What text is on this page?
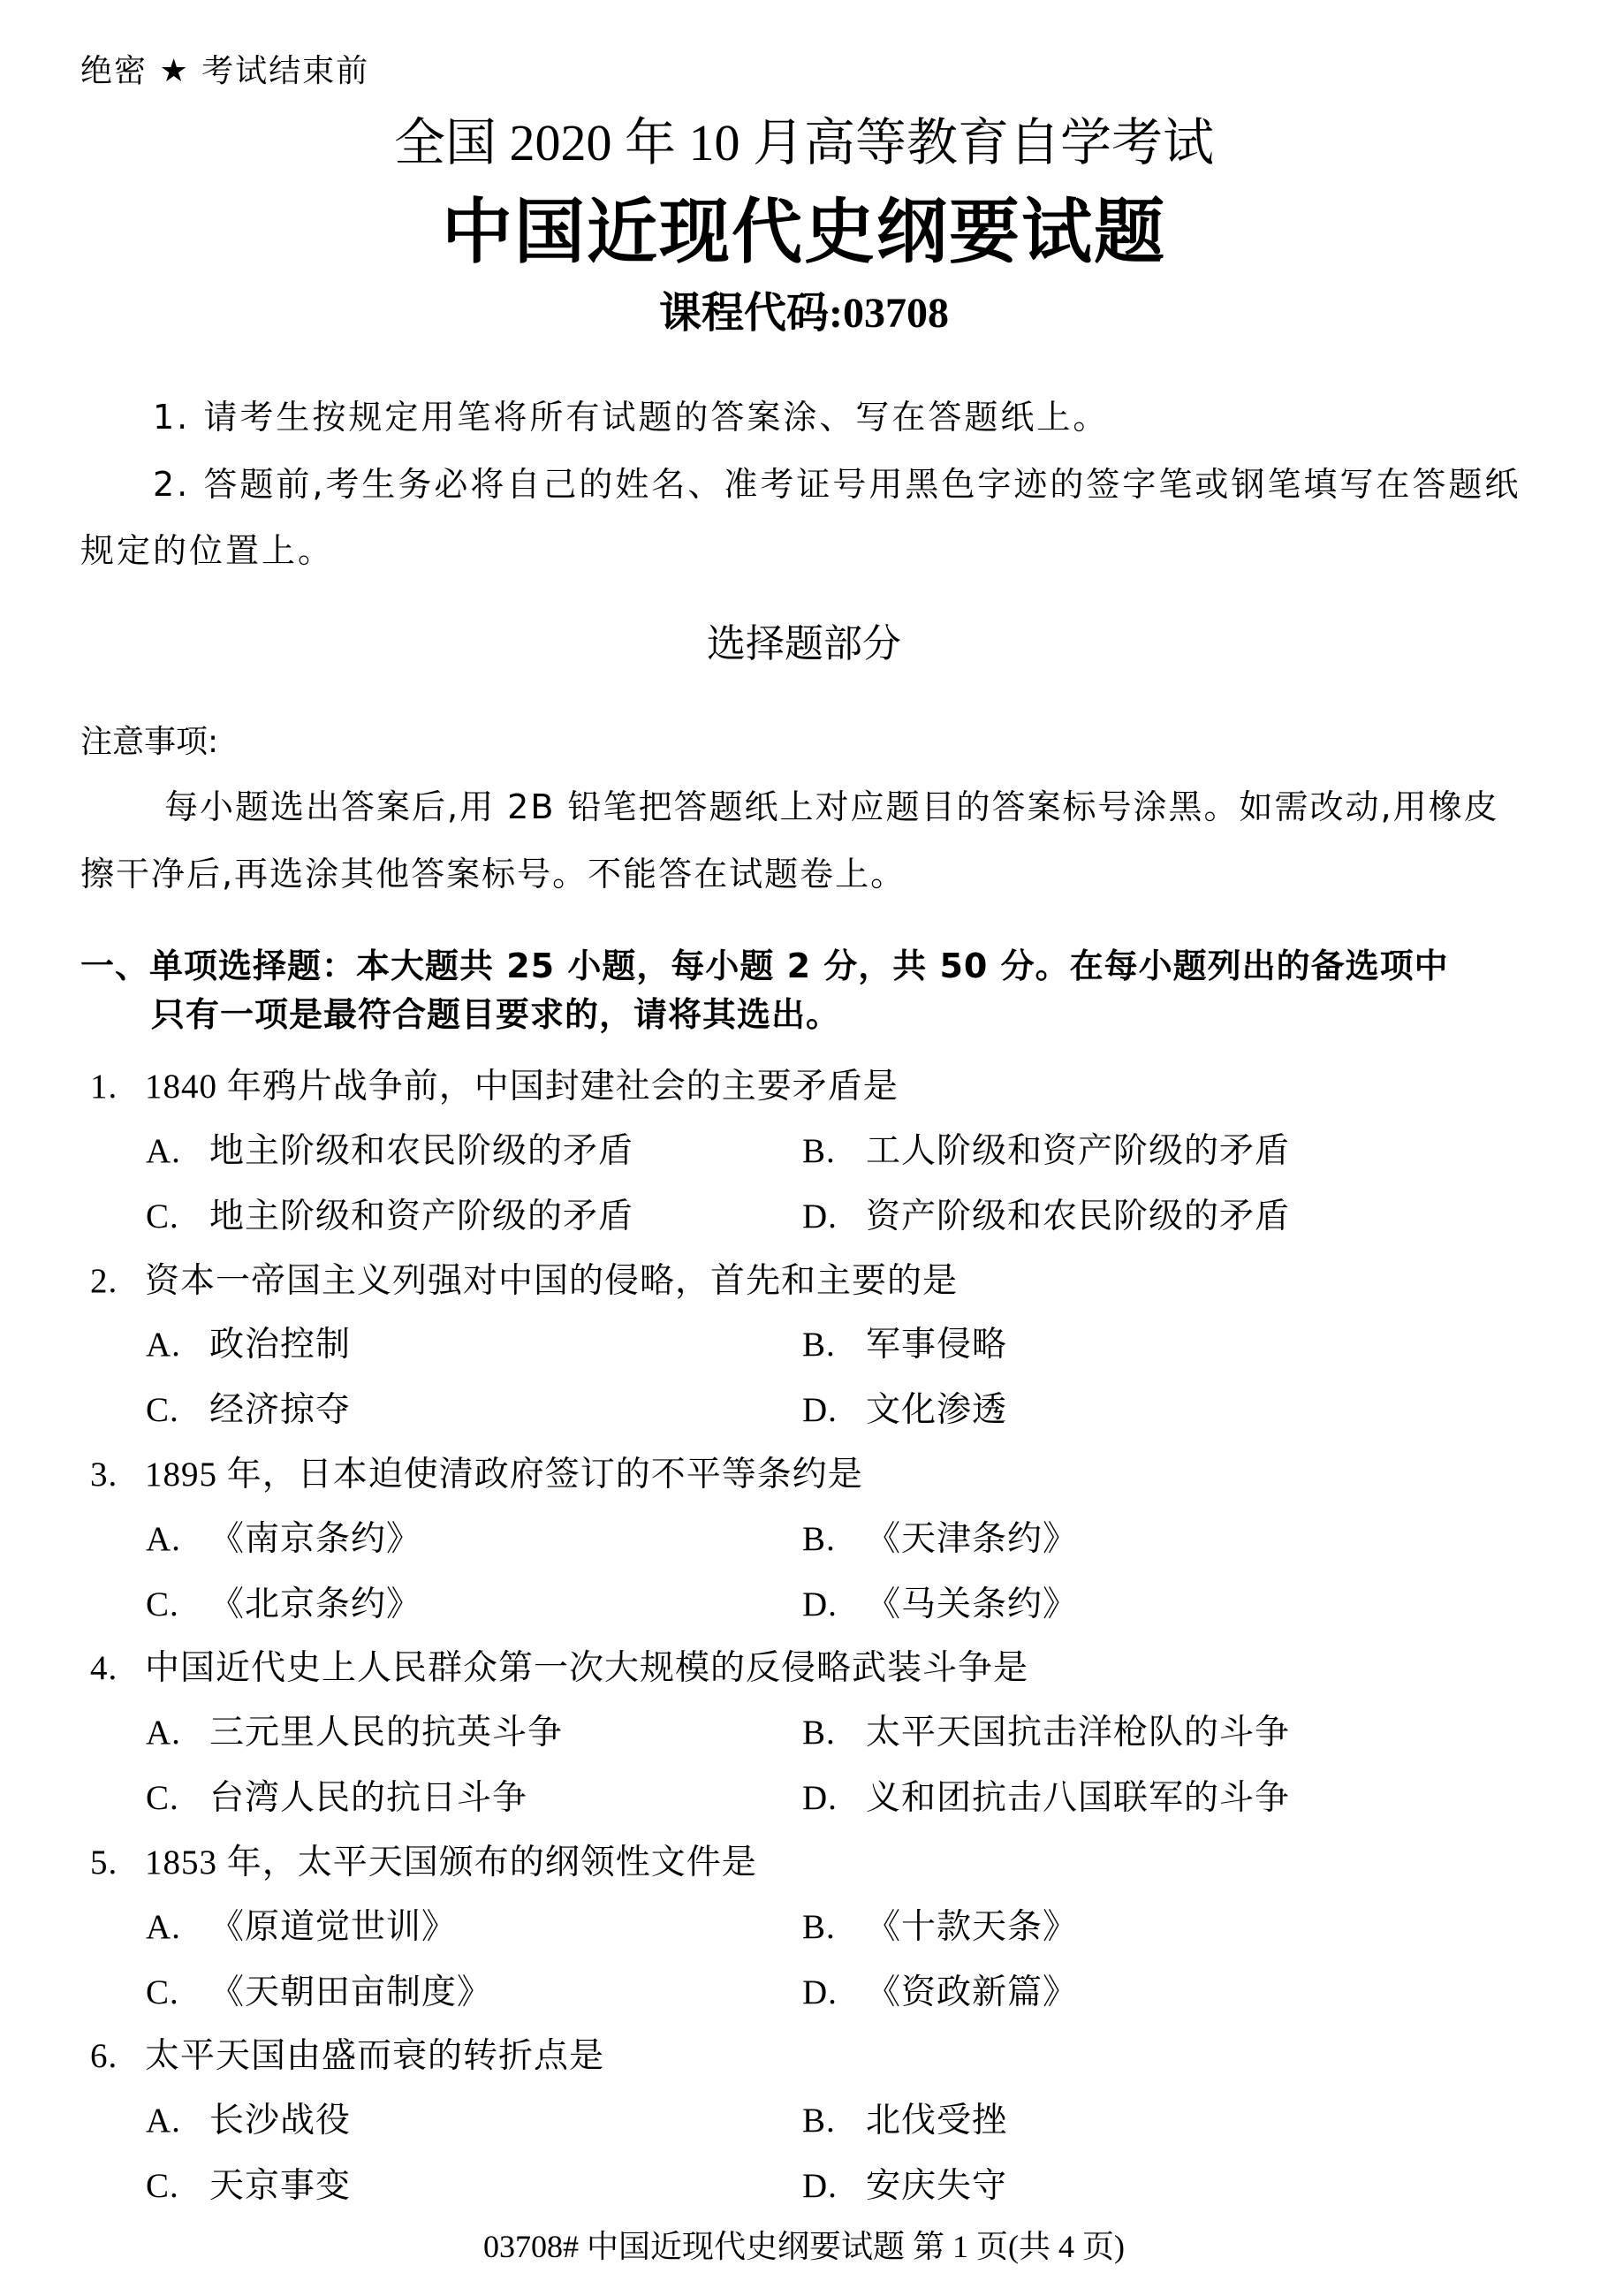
绝密 ★ 考试结束前
全国 2020 年 10 月高等教育自学考试
中国近现代史纲要试题
课程代码:03708
1. 请考生按规定用笔将所有试题的答案涂、写在答题纸上。
2. 答题前,考生务必将自己的姓名、准考证号用黑色字迹的签字笔或钢笔填写在答题纸
规定的位置上。
选择题部分
注意事项:
每小题选出答案后,用 2B 铅笔把答题纸上对应题目的答案标号涂黑。如需改动,用橡皮
擦干净后,再选涂其他答案标号。不能答在试题卷上。
一、单项选择题：本大题共 25 小题，每小题 2 分，共 50 分。在每小题列出的备选项中
只有一项是最符合题目要求的，请将其选出。
1. 1840 年鸦片战争前，中国封建社会的主要矛盾是
A. 地主阶级和农民阶级的矛盾	B. 工人阶级和资产阶级的矛盾
C. 地主阶级和资产阶级的矛盾	D. 资产阶级和农民阶级的矛盾
2. 资本一帝国主义列强对中国的侵略，首先和主要的是
A. 政治控制	B. 军事侵略
C. 经济掠夺	D. 文化渗透
3. 1895 年，日本迫使清政府签订的不平等条约是
A. 《南京条约》	B. 《天津条约》
C. 《北京条约》	D. 《马关条约》
4. 中国近代史上人民群众第一次大规模的反侵略武装斗争是
A. 三元里人民的抗英斗争	B. 太平天国抗击洋枪队的斗争
C. 台湾人民的抗日斗争	D. 义和团抗击八国联军的斗争
5. 1853 年，太平天国颁布的纲领性文件是
A. 《原道觉世训》	B. 《十款天条》
C. 《天朝田亩制度》	D. 《资政新篇》
6. 太平天国由盛而衰的转折点是
A. 长沙战役	B. 北伐受挫
C. 天京事变	D. 安庆失守
03708# 中国近现代史纲要试题 第 1 页(共 4 页)
